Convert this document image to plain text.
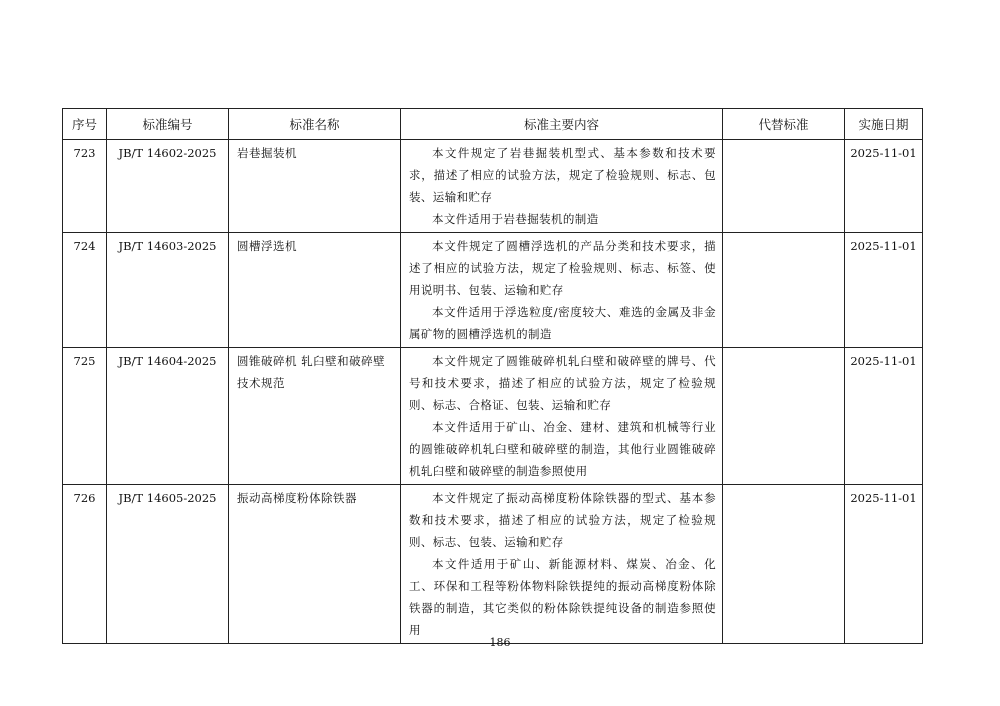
序号	标准编号	标准名称	标准主要内容	代替标准	实施日期
723	JB/T 14602-2025	岩巷掘装机	本文件规定了岩巷掘装机型式、基本参数和技术要求，描述了相应的试验方法，规定了检验规则、标志、包装、运输和贮存

本文件适用于岩巷掘装机的制造		2025-11-01
724	JB/T 14603-2025	圆槽浮选机	本文件规定了圆槽浮选机的产品分类和技术要求，描述了相应的试验方法，规定了检验规则、标志、标签、使用说明书、包装、运输和贮存

本文件适用于浮选粒度/密度较大、难选的金属及非金属矿物的圆槽浮选机的制造		2025-11-01
725	JB/T 14604-2025	圆锥破碎机 轧臼壁和破碎壁技术规范	本文件规定了圆锥破碎机轧臼壁和破碎壁的牌号、代号和技术要求，描述了相应的试验方法，规定了检验规则、标志、合格证、包装、运输和贮存

本文件适用于矿山、冶金、建材、建筑和机械等行业的圆锥破碎机轧臼壁和破碎壁的制造，其他行业圆锥破碎机轧臼壁和破碎壁的制造参照使用		2025-11-01
726	JB/T 14605-2025	振动高梯度粉体除铁器	本文件规定了振动高梯度粉体除铁器的型式、基本参数和技术要求，描述了相应的试验方法，规定了检验规则、标志、包装、运输和贮存

本文件适用于矿山、新能源材料、煤炭、冶金、化工、环保和工程等粉体物料除铁提纯的振动高梯度粉体除铁器的制造，其它类似的粉体除铁提纯设备的制造参照使用		2025-11-01
186
